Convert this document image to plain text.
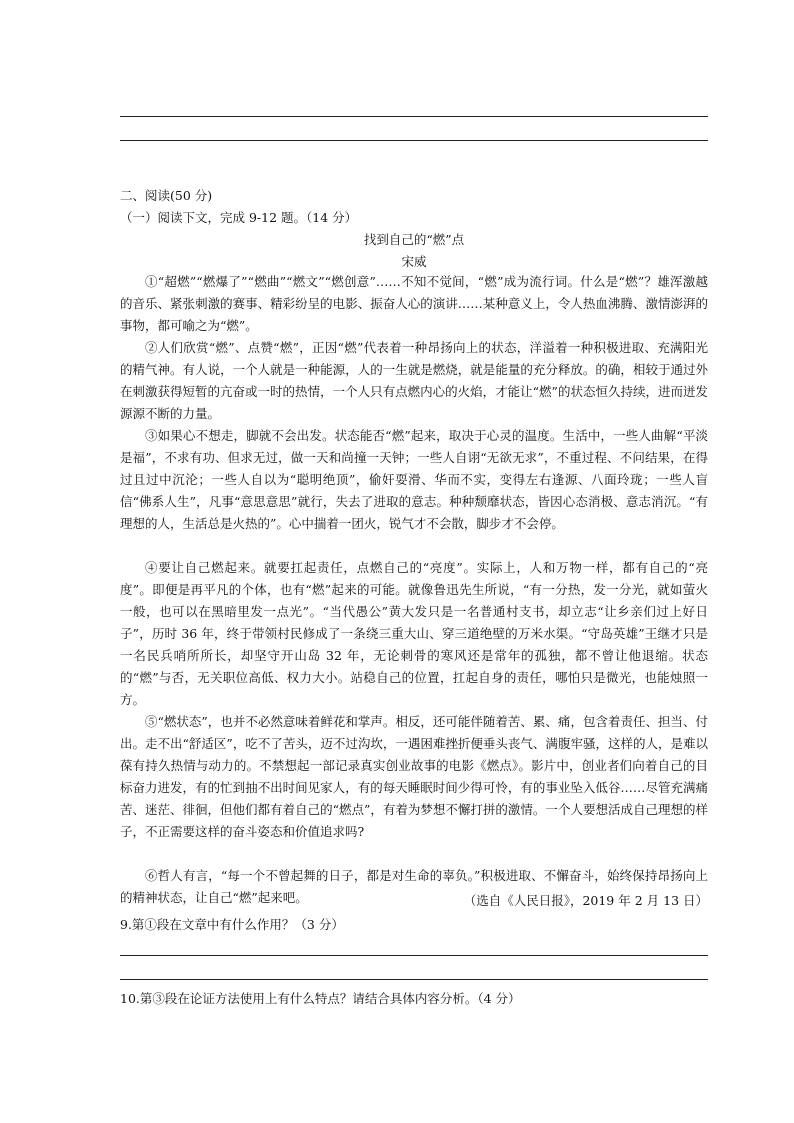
二、阅读(50 分)
（一）阅读下文，完成 9-12 题。（14 分）
找到自己的“燃”点
宋威

①“超燃”“燃爆了”“燃曲”“燃文”“燃创意”……不知不觉间，“燃”成为流行词。什么是“燃”？雄浑激越的音乐、紧张刺激的赛事、精彩纷呈的电影、振奋人心的演讲……某种意义上，令人热血沸腾、激情澎湃的事物，都可喻之为“燃”。

②人们欣赏“燃”、点赞“燃”，正因“燃”代表着一种昂扬向上的状态，洋溢着一种积极进取、充满阳光的精气神。有人说，一个人就是一种能源，人的一生就是燃烧，就是能量的充分释放。的确，相较于通过外在刺激获得短暂的亢奋或一时的热情，一个人只有点燃内心的火焰，才能让“燃”的状态恒久持续，进而迸发源源不断的力量。

③如果心不想走，脚就不会出发。状态能否“燃”起来，取决于心灵的温度。生活中，一些人曲解“平淡是福”，不求有功、但求无过，做一天和尚撞一天钟；一些人自诩“无欲无求”，不重过程、不问结果，在得过且过中沉沦；一些人自以为“聪明绝顶”，偷奸耍滑、华而不实，变得左右逢源、八面玲珑；一些人盲信“佛系人生”，凡事“意思意思”就行，失去了进取的意志。种种颓靡状态，皆因心态消极、意志消沉。“有理想的人，生活总是火热的”。心中揣着一团火，锐气才不会散，脚步才不会停。

④要让自己燃起来。就要扛起责任，点燃自己的“亮度”。实际上，人和万物一样，都有自己的“亮度”。即便是再平凡的个体，也有“燃”起来的可能。就像鲁迅先生所说，“有一分热，发一分光，就如萤火一般，也可以在黑暗里发一点光”。“当代愚公”黄大发只是一名普通村支书，却立志“让乡亲们过上好日子”，历时 36 年，终于带领村民修成了一条绕三重大山、穿三道绝壁的万米水渠。“守岛英雄”王继才只是一名民兵哨所所长，却坚守开山岛 32 年，无论刺骨的寒风还是常年的孤独，都不曾让他退缩。状态的“燃”与否，无关职位高低、权力大小。站稳自己的位置，扛起自身的责任，哪怕只是微光，也能烛照一方。

⑤“燃状态”，也并不必然意味着鲜花和掌声。相反，还可能伴随着苦、累、痛，包含着责任、担当、付出。走不出“舒适区”，吃不了苦头，迈不过沟坎，一遇困难挫折便垂头丧气、满腹牢骚，这样的人，是难以葆有持久热情与动力的。不禁想起一部记录真实创业故事的电影《燃点》。影片中，创业者们向着自己的目标奋力进发，有的忙到抽不出时间见家人，有的每天睡眠时间少得可怜，有的事业坠入低谷……尽管充满痛苦、迷茫、徘徊，但他们都有着自己的“燃点”，有着为梦想不懈打拼的激情。一个人要想活成自己理想的样子，不正需要这样的奋斗姿态和价值追求吗?

⑥哲人有言，“每一个不曾起舞的日子，都是对生命的辜负。”积极进取、不懈奋斗，始终保持昂扬向上的精神状态，让自己“燃”起来吧。	（选自《人民日报》，2019 年 2 月 13 日）
9.第①段在文章中有什么作用？（3 分）
10.第③段在论证方法使用上有什么特点？请结合具体内容分析。（4 分）
